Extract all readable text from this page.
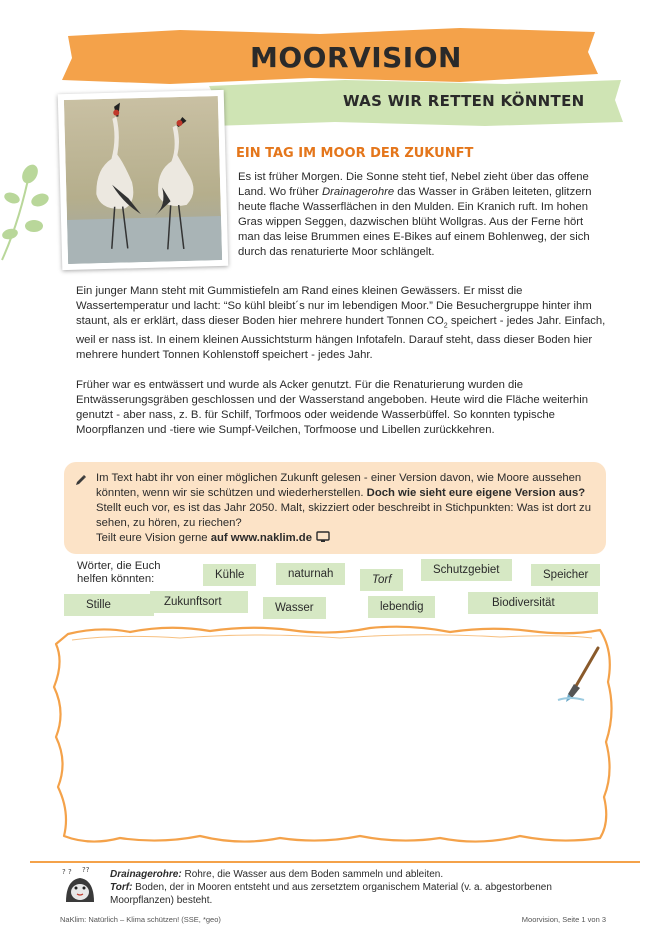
MOORVISION
WAS WIR RETTEN KÖNNTEN
EIN TAG IM MOOR DER ZUKUNFT
Es ist früher Morgen. Die Sonne steht tief, Nebel zieht über das offene Land. Wo früher Drainagerohre das Wasser in Gräben leiteten, glitzern heute flache Wasserflächen in den Mulden. Ein Kranich ruft. Im hohen Gras wippen Seggen, dazwischen blüht Wollgras. Aus der Ferne hört man das leise Brummen eines E-Bikes auf einem Bohlenweg, der sich durch das renaturierte Moor schlängelt.
Ein junger Mann steht mit Gummistiefeln am Rand eines kleinen Gewässers. Er misst die Wassertemperatur und lacht: “So kühl bleibt´s nur im lebendigen Moor.” Die Besuchergruppe hinter ihm staunt, als er erklärt, dass dieser Boden hier mehrere hundert Tonnen $CO_2$ speichert - jedes Jahr. Einfach, weil er nass ist. In einem kleinen Aussichtsturm hängen Infotafeln. Darauf steht, dass dieser Boden hier mehrere hundert Tonnen Kohlenstoff speichert - jedes Jahr.
Früher war es entwässert und wurde als Acker genutzt. Für die Renaturierung wurden die Entwässerungsgräben geschlossen und der Wasserstand angeboben. Heute wird die Fläche weiterhin genutzt - aber nass, z. B. für Schilf, Torfmoos oder weidende Wasserbüffel. So konnten typische Moorpflanzen und -tiere wie Sumpf-Veilchen, Torfmoose und Libellen zurückkehren.
Im Text habt ihr von einer möglichen Zukunft gelesen - einer Version davon, wie Moore aussehen könnten, wenn wir sie schützen und wiederherstellen. Doch wie sieht eure eigene Version aus? Stellt euch vor, es ist das Jahr 2050. Malt, skizziert oder beschreibt in Stichpunkten: Was ist dort zu sehen, zu hören, zu riechen?
Teilt eure Vision gerne auf www.naklim.de
Wörter, die Euch helfen könnten:	Kühle	naturnah	Torf
Schutzgebiet	Speicher
Stille	Zukunftsort	Wasser	lebendig	Biodiversität
? ? ?? Drainagerohre: Rohre, die Wasser aus dem Boden sammeln und ableiten.
Torf: Boden, der in Mooren entsteht und aus zersetztem organischem Material (v. a. abgestorbenen Moorpflanzen) besteht.
NaKlim: Natürlich – Klima schützen! (SSE, *geo)	Moorvision, Seite 1 von 3
